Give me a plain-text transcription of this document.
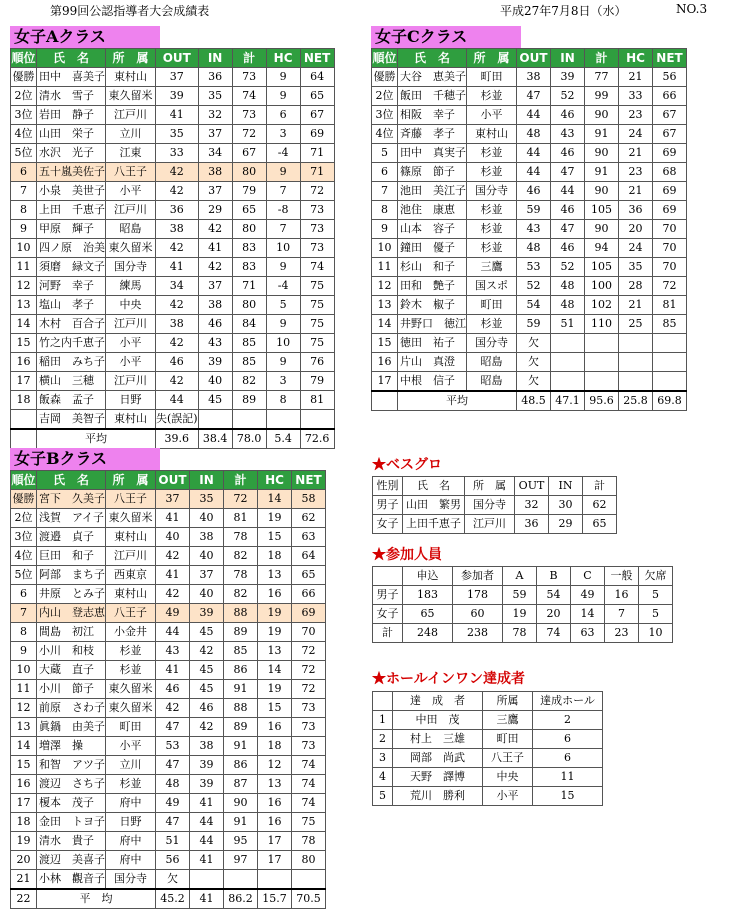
第99回公認指導者大会成績表	平成27年7月8日（水）	NO.3
女子Aクラス
順位	氏　名	所　属	OUT	IN	計	HC	NET
優勝	田中　喜美子	東村山	37	36	73	9	64
2位	清水　雪子	東久留米	39	35	74	9	65
3位	岩田　静子	江戸川	41	32	73	6	67
4位	山田　栄子	立川	35	37	72	3	69
5位	水沢　光子	江東	33	34	67	-4	71
6	五十嵐美佐子	八王子	42	38	80	9	71
7	小泉　美世子	小平	42	37	79	7	72
8	上田　千恵子	江戸川	36	29	65	-8	73
9	甲原　輝子	昭島	38	42	80	7	73
10	四ノ原　治美	東久留米	42	41	83	10	73
11	須磨　緑文子	国分寺	41	42	83	9	74
12	河野　幸子	練馬	34	37	71	-4	75
13	塩山　孝子	中央	42	38	80	5	75
14	木村　百合子	江戸川	38	46	84	9	75
15	竹之内千恵子	小平	42	43	85	10	75
16	稲田　みち子	小平	46	39	85	9	76
17	横山　三穂	江戸川	42	40	82	3	79
18	飯森　孟子	日野	44	45	89	8	81
	吉岡　美智子	東村山	失(誤記)				
	平均		39.6	38.4	78.0	5.4	72.6
女子Cクラス
順位	氏　名	所　属	OUT	IN	計	HC	NET
優勝	大谷　恵美子	町田	38	39	77	21	56
2位	飯田　千穂子	杉並	47	52	99	33	66
3位	相阪　幸子	小平	44	46	90	23	67
4位	斉藤　孝子	東村山	48	43	91	24	67
5	田中　真実子	杉並	44	46	90	21	69
6	篠原　節子	杉並	44	47	91	23	68
7	池田　美江子	国分寺	46	44	90	21	69
8	池住　康恵	杉並	59	46	105	36	69
9	山本　容子	杉並	43	47	90	20	70
10	鐘田　優子	杉並	48	46	94	24	70
11	杉山　和子	三鷹	53	52	105	35	70
12	田和　艶子	国スポ	52	48	100	28	72
13	鈴木　椒子	町田	54	48	102	21	81
14	井野口　徳江	杉並	59	51	110	25	85
15	徳田　祐子	国分寺	欠				
16	片山　真澄	昭島	欠				
17	中根　信子	昭島	欠				
	平均		48.5	47.1	95.6	25.8	69.8
女子Bクラス
順位	氏　名	所　属	OUT	IN	計	HC	NET
優勝	宮下　久美子	八王子	37	35	72	14	58
2位	浅賀　アイ子	東久留米	41	40	81	19	62
3位	渡邉　貞子	東村山	40	38	78	15	63
4位	巨田　和子	江戸川	42	40	82	18	64
5位	阿部　まち子	西東京	41	37	78	13	65
6	井原　とみ子	東村山	42	40	82	16	66
7	内山　登志恵	八王子	49	39	88	19	69
8	間島　初江	小金井	44	45	89	19	70
9	小川　和枝	杉並	43	42	85	13	72
10	大蔵　直子	杉並	41	45	86	14	72
11	小川　節子	東久留米	46	45	91	19	72
12	前原　さわ子	東久留米	42	46	88	15	73
13	眞鍋　由美子	町田	47	42	89	16	73
14	増澤　操	小平	53	38	91	18	73
15	和智　アツ子	立川	47	39	86	12	74
16	渡辺　さち子	杉並	48	39	87	13	74
17	榎本　茂子	府中	49	41	90	16	74
18	金田　トヨ子	日野	47	44	91	16	75
19	清水　貴子	府中	51	44	95	17	78
20	渡辺　美喜子	府中	56	41	97	17	80
21	小林　觀音子	国分寺	欠				
22	平　均		45.2	41	86.2	15.7	70.5
★ベスグロ
性別	氏　名	所　属	OUT	IN	計
男子	山田　繁男	国分寺	32	30	62
女子	上田千恵子	江戸川	36	29	65
★参加人員
	申込	参加者	A	B	C	一般	欠席
男子	183	178	59	54	49	16	5
女子	65	60	19	20	14	7	5
計	248	238	78	74	63	23	10
★ホールインワン達成者
	達　成　者	所属	達成ホール
1	中田　茂	三鷹	2
2	村上　三雄	町田	6
3	岡部　尚武	八王子	6
4	天野　譯博	中央	11
5	荒川　勝利	小平	15
